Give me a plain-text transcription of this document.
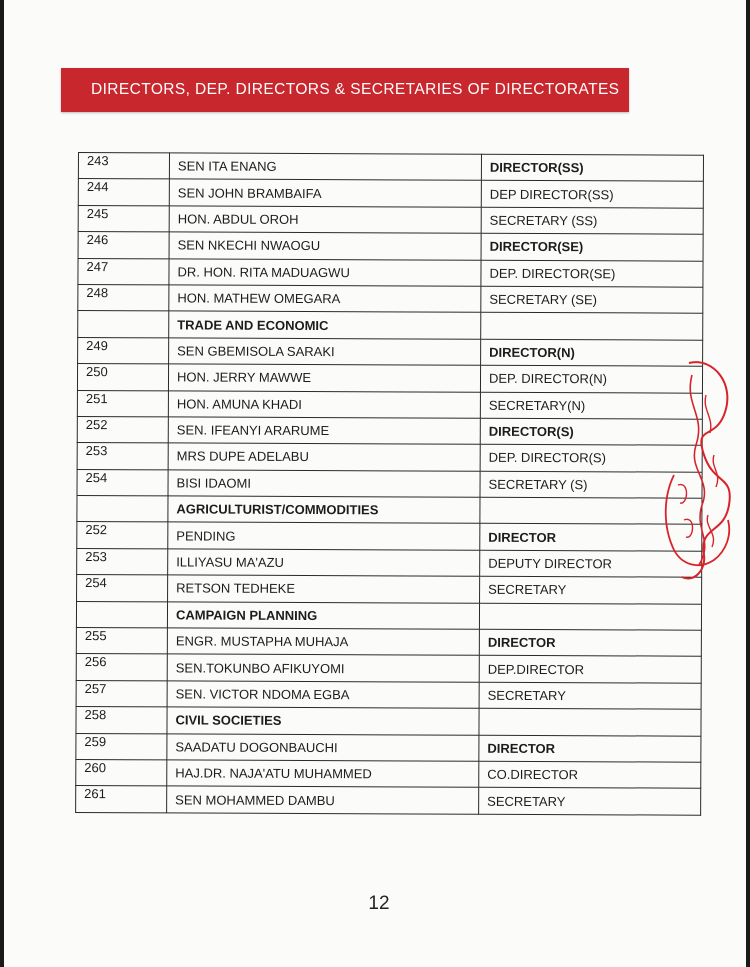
DIRECTORS, DEP. DIRECTORS & SECRETARIES OF DIRECTORATES
243	SEN ITA ENANG	DIRECTOR(SS)
244	SEN JOHN BRAMBAIFA	DEP DIRECTOR(SS)
245	HON. ABDUL OROH	SECRETARY (SS)
246	SEN NKECHI NWAOGU	DIRECTOR(SE)
247	DR. HON. RITA MADUAGWU	DEP. DIRECTOR(SE)
248	HON. MATHEW OMEGARA	SECRETARY (SE)
	TRADE AND ECONOMIC	
249	SEN GBEMISOLA SARAKI	DIRECTOR(N)
250	HON. JERRY MAWWE	DEP. DIRECTOR(N)
251	HON. AMUNA KHADI	SECRETARY(N)
252	SEN. IFEANYI ARARUME	DIRECTOR(S)
253	MRS DUPE ADELABU	DEP. DIRECTOR(S)
254	BISI IDAOMI	SECRETARY (S)
	AGRICULTURIST/COMMODITIES	
252	PENDING	DIRECTOR
253	ILLIYASU MA'AZU	DEPUTY DIRECTOR
254	RETSON TEDHEKE	SECRETARY
	CAMPAIGN PLANNING	
255	ENGR. MUSTAPHA MUHAJA	DIRECTOR
256	SEN.TOKUNBO AFIKUYOMI	DEP.DIRECTOR
257	SEN. VICTOR NDOMA EGBA	SECRETARY
258	CIVIL SOCIETIES	
259	SAADATU DOGONBAUCHI	DIRECTOR
260	HAJ.DR. NAJA'ATU MUHAMMED	CO.DIRECTOR
261	SEN MOHAMMED DAMBU	SECRETARY
12
